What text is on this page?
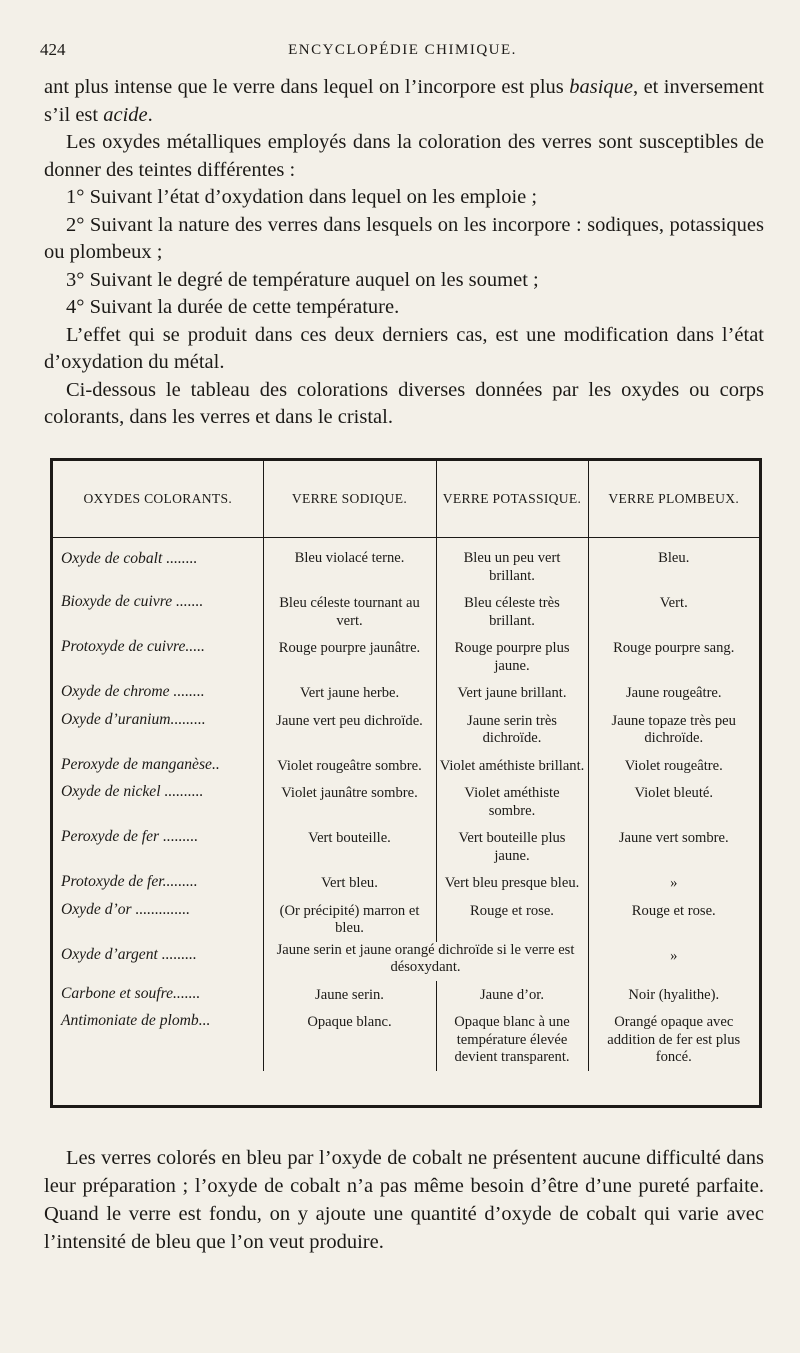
424	ENCYCLOPÉDIE CHIMIQUE.
ant plus intense que le verre dans lequel on l’incorpore est plus basique, et inversement s’il est acide.
Les oxydes métalliques employés dans la coloration des verres sont susceptibles de donner des teintes différentes :
1° Suivant l’état d’oxydation dans lequel on les emploie ;
2° Suivant la nature des verres dans lesquels on les incorpore : sodiques, potassiques ou plombeux ;
3° Suivant le degré de température auquel on les soumet ;
4° Suivant la durée de cette température.
L’effet qui se produit dans ces deux derniers cas, est une modification dans l’état d’oxydation du métal.
Ci-dessous le tableau des colorations diverses données par les oxydes ou corps colorants, dans les verres et dans le cristal.
OXYDES COLORANTS.	VERRE SODIQUE.	VERRE POTASSIQUE.	VERRE PLOMBEUX.
Oxyde de cobalt ........	Bleu violacé terne.	Bleu un peu vert brillant.	Bleu.
Bioxyde de cuivre .......	Bleu céleste tournant au vert.	Bleu céleste très brillant.	Vert.
Protoxyde de cuivre.....	Rouge pourpre jaunâtre.	Rouge pourpre plus jaune.	Rouge pourpre sang.
Oxyde de chrome ........	Vert jaune herbe.	Vert jaune brillant.	Jaune rougeâtre.
Oxyde d’uranium.........	Jaune vert peu dichroïde.	Jaune serin très dichroïde.	Jaune topaze très peu dichroïde.
Peroxyde de manganèse..	Violet rougeâtre sombre.	Violet améthiste brillant.	Violet rougeâtre.
Oxyde de nickel ..........	Violet jaunâtre sombre.	Violet améthiste sombre.	Violet bleuté.
Peroxyde de fer .........	Vert bouteille.	Vert bouteille plus jaune.	Jaune vert sombre.
Protoxyde de fer.........	Vert bleu.	Vert bleu presque bleu.	»
Oxyde d’or ..............	(Or précipité) marron et bleu.	Rouge et rose.	Rouge et rose.
Oxyde d’argent .........	Jaune serin et jaune orangé dichroïde si le verre est désoxydant.		»
Carbone et soufre.......	Jaune serin.	Jaune d’or.	Noir (hyalithe).
Antimoniate de plomb...	Opaque blanc.	Opaque blanc à une température élevée devient transparent.	Orangé opaque avec addition de fer est plus foncé.

Les verres colorés en bleu par l’oxyde de cobalt ne présentent aucune difficulté dans leur préparation ; l’oxyde de cobalt n’a pas même besoin d’être d’une pureté parfaite. Quand le verre est fondu, on y ajoute une quantité d’oxyde de cobalt qui varie avec l’intensité de bleu que l’on veut produire.
